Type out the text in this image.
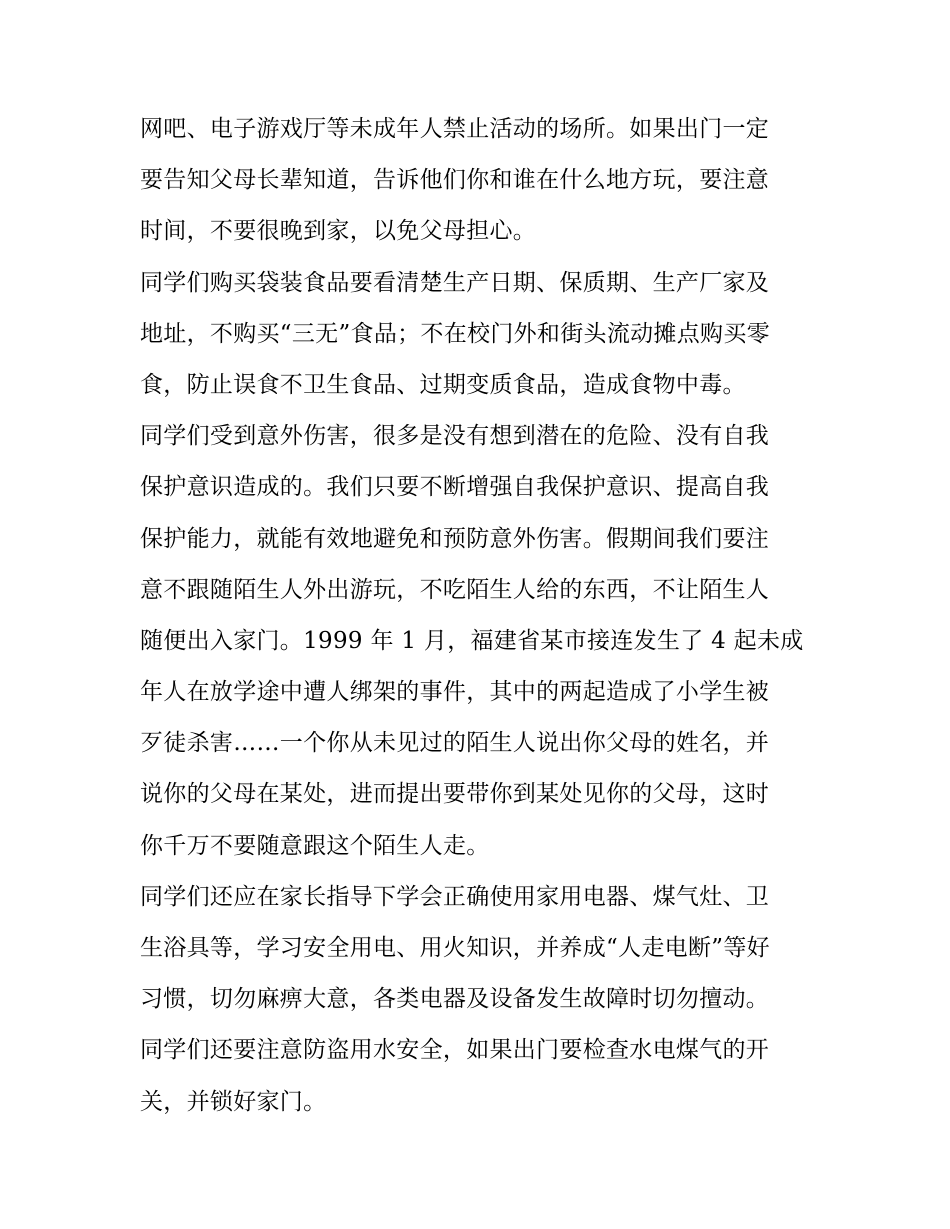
网吧、电子游戏厅等未成年人禁止活动的场所。如果出门一定
要告知父母长辈知道，告诉他们你和谁在什么地方玩，要注意
时间，不要很晚到家，以免父母担心。
同学们购买袋装食品要看清楚生产日期、保质期、生产厂家及
地址，不购买“三无”食品；不在校门外和街头流动摊点购买零
食，防止误食不卫生食品、过期变质食品，造成食物中毒。
同学们受到意外伤害，很多是没有想到潜在的危险、没有自我
保护意识造成的。我们只要不断增强自我保护意识、提高自我
保护能力，就能有效地避免和预防意外伤害。假期间我们要注
意不跟随陌生人外出游玩，不吃陌生人给的东西，不让陌生人
随便出入家门。1999 年 1 月，福建省某市接连发生了 4 起未成
年人在放学途中遭人绑架的事件，其中的两起造成了小学生被
歹徒杀害……一个你从未见过的陌生人说出你父母的姓名，并
说你的父母在某处，进而提出要带你到某处见你的父母，这时
你千万不要随意跟这个陌生人走。
同学们还应在家长指导下学会正确使用家用电器、煤气灶、卫
生浴具等，学习安全用电、用火知识，并养成“人走电断”等好
习惯，切勿麻痹大意，各类电器及设备发生故障时切勿擅动。
同学们还要注意防盗用水安全，如果出门要检查水电煤气的开
关，并锁好家门。
